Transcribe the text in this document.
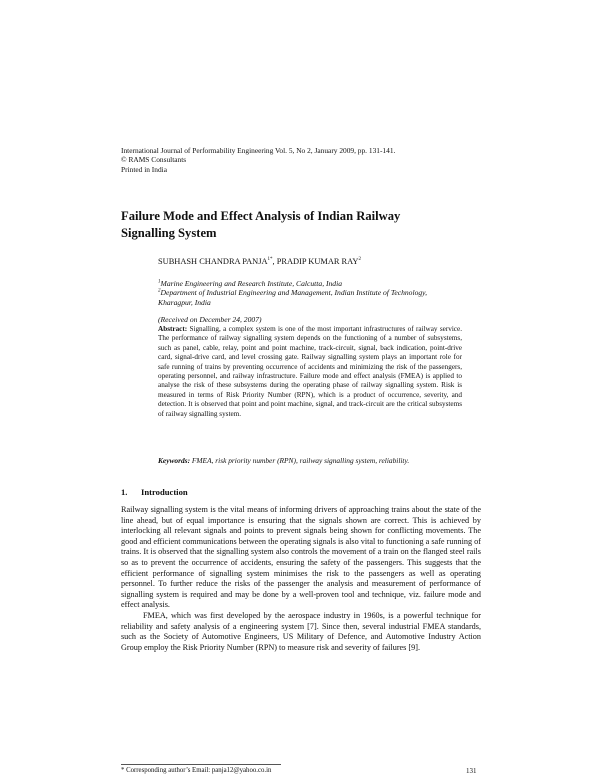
International Journal of Performability Engineering Vol. 5, No 2, January 2009, pp. 131-141.
© RAMS Consultants
Printed in India
Failure Mode and Effect Analysis of Indian Railway
Signalling System
SUBHASH CHANDRA $PANJA^{1*}$, PRADIP KUMAR RAY$^2$
$^1$Marine Engineering and Research Institute, Calcutta, India
$^2$Department of Industrial Engineering and Management, Indian Institute of Technology,
Kharagpur, India
(Received on December 24, 2007)
Abstract: Signalling, a complex system is one of the most important infrastructures of railway service. The performance of railway signalling system depends on the functioning of a number of subsystems, such as panel, cable, relay, point and point machine, track-circuit, signal, back indication, point-drive card, signal-drive card, and level crossing gate. Railway signalling system plays an important role for safe running of trains by preventing occurrence of accidents and minimizing the risk of the passengers, operating personnel, and railway infrastructure. Failure mode and effect analysis (FMEA) is applied to analyse the risk of these subsystems during the operating phase of railway signalling system. Risk is measured in terms of Risk Priority Number (RPN), which is a product of occurrence, severity, and detection. It is observed that point and point machine, signal, and track-circuit are the critical subsystems of railway signalling system.
Keywords: FMEA, risk priority number (RPN), railway signalling system, reliability.
1. Introduction

Railway signalling system is the vital means of informing drivers of approaching trains about the state of the line ahead, but of equal importance is ensuring that the signals shown are correct. This is achieved by interlocking all relevant signals and points to prevent signals being shown for conflicting movements. The good and efficient communications between the operating signals is also vital to functioning a safe running of trains. It is observed that the signalling system also controls the movement of a train on the flanged steel rails so as to prevent the occurrence of accidents, ensuring the safety of the passengers. This suggests that the efficient performance of signalling system minimises the risk to the passengers as well as operating personnel. To further reduce the risks of the passenger the analysis and measurement of performance of signalling system is required and may be done by a well-proven tool and technique, viz. failure mode and effect analysis.

FMEA, which was first developed by the aerospace industry in 1960s, is a powerful technique for reliability and safety analysis of a engineering system [7]. Since then, several industrial FMEA standards, such as the Society of Automotive Engineers, US Military of Defence, and Automotive Industry Action Group employ the Risk Priority Number (RPN) to measure risk and severity of failures [9].

* Corresponding author’s Email: panja12@yahoo.co.in	131
